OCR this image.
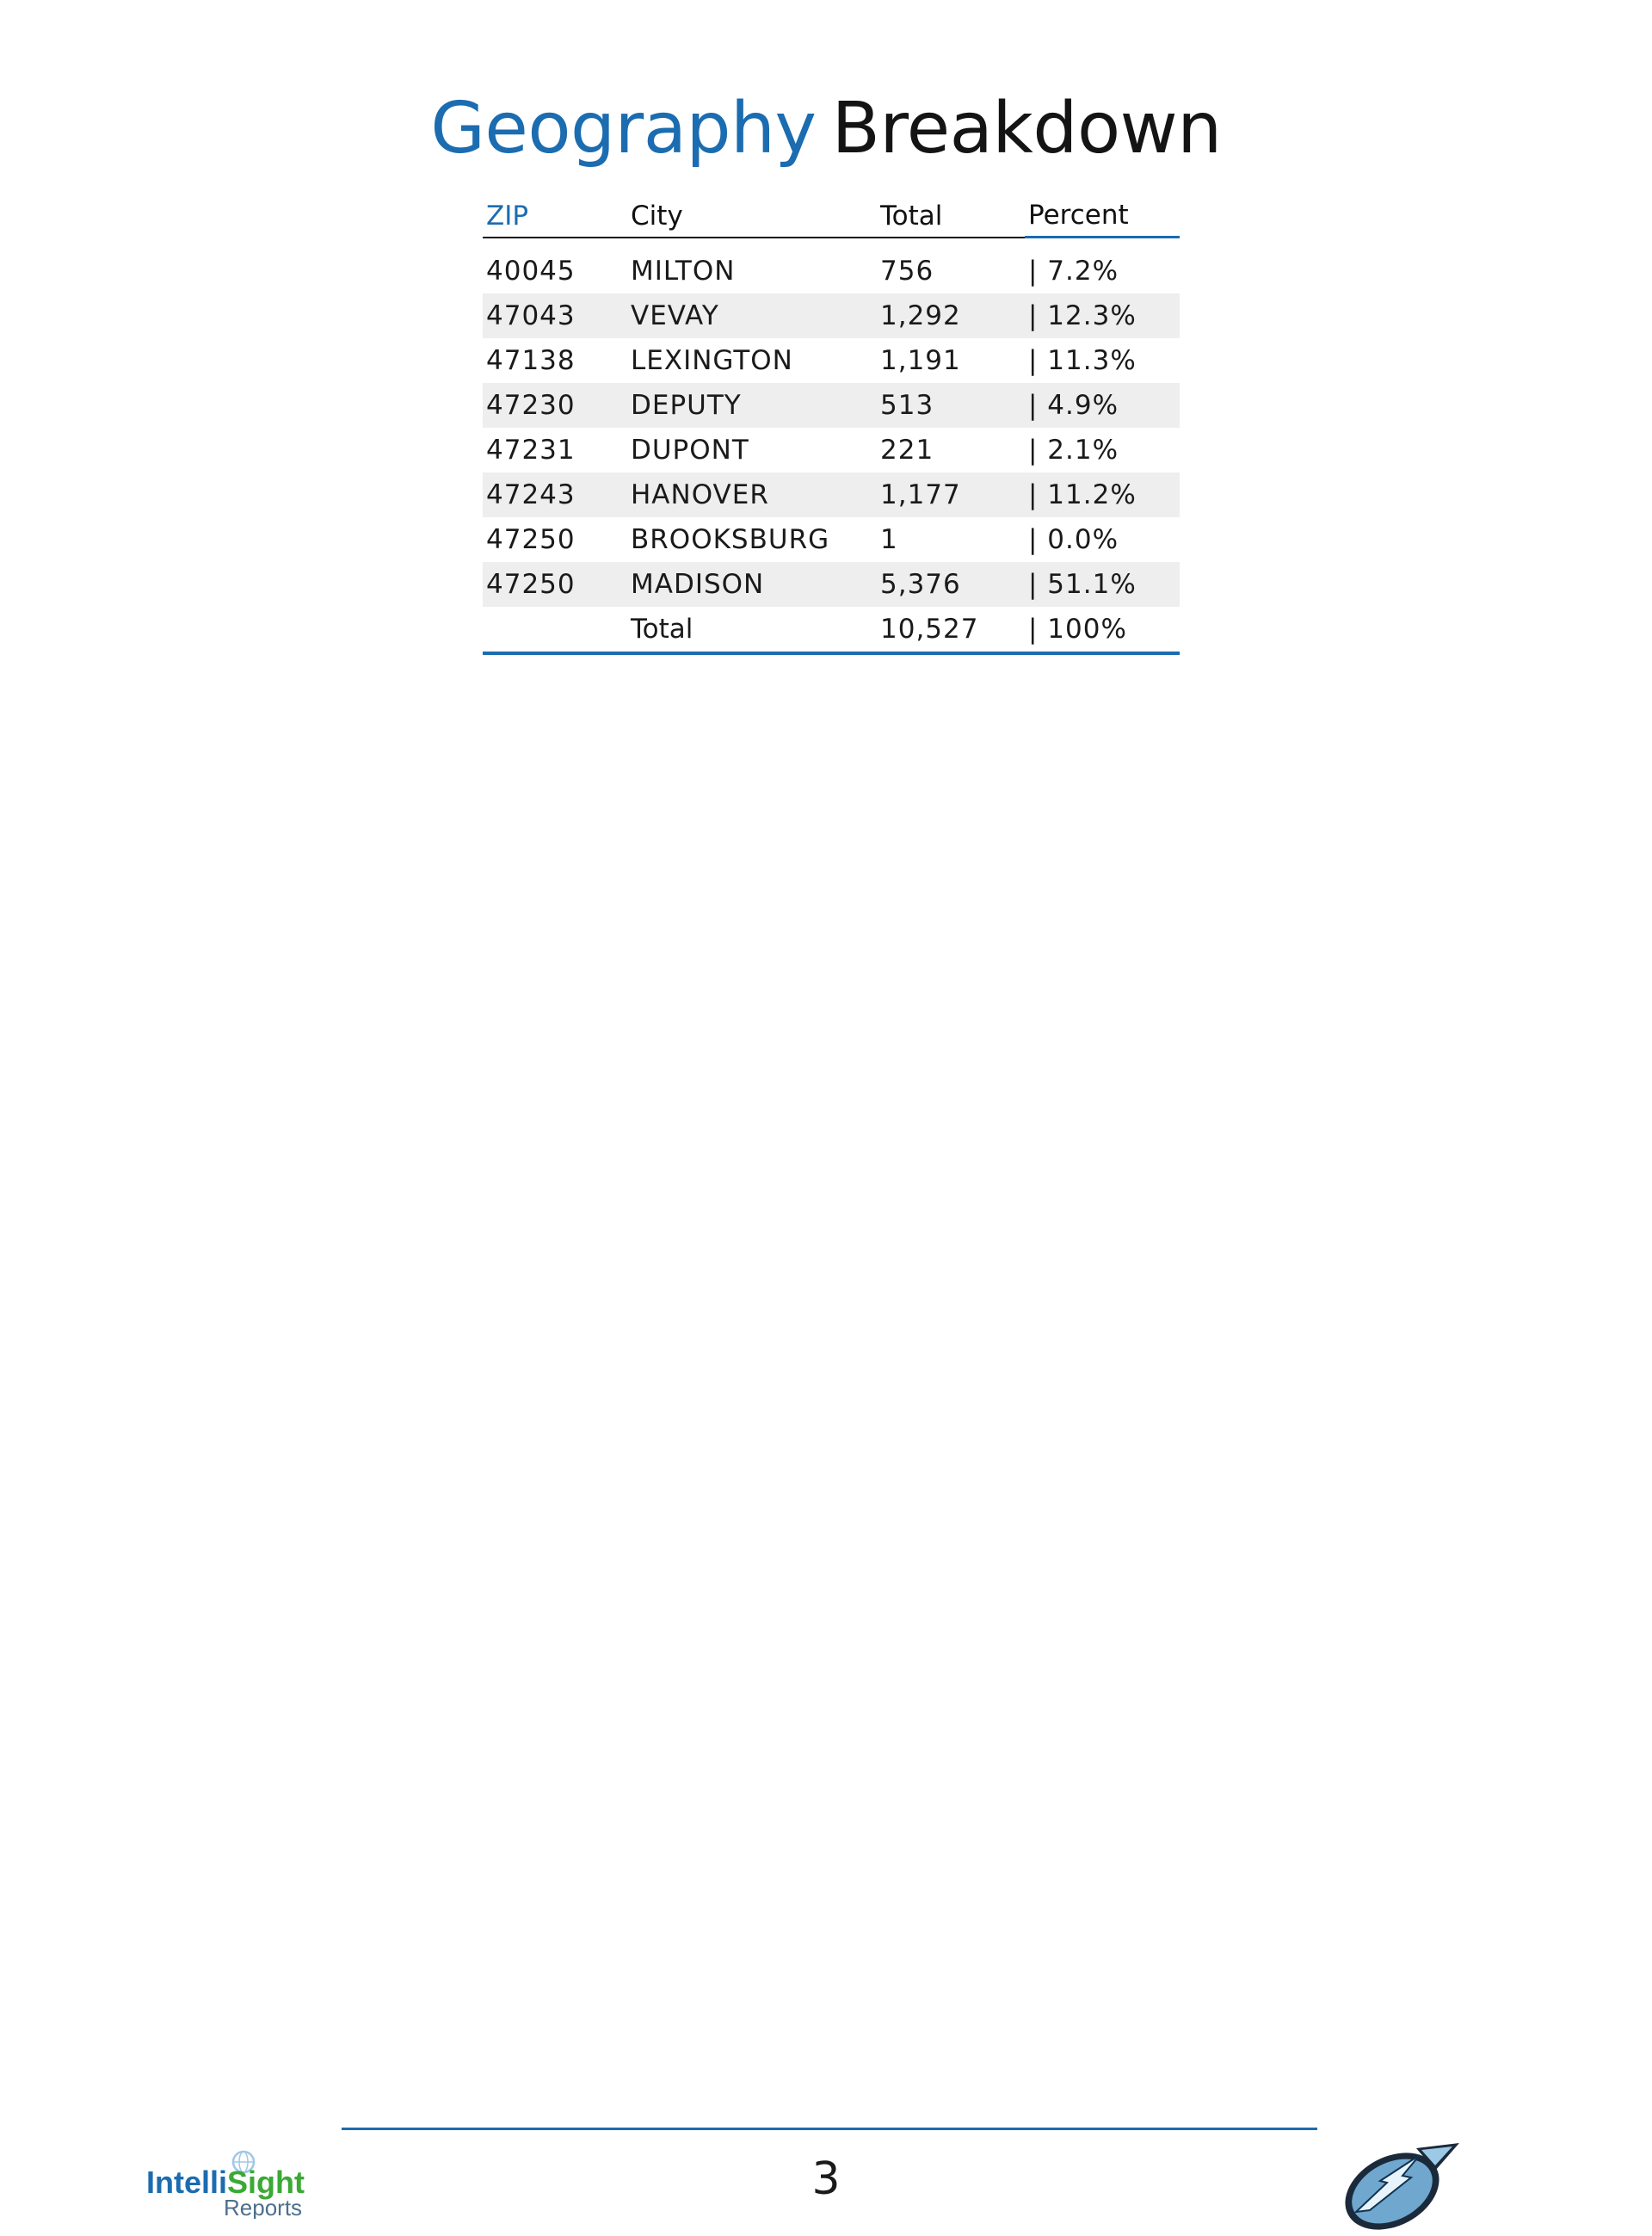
Geography Breakdown
ZIP	City	Total	Percent

40045	MILTON	756	| 7.2%
47043	VEVAY	1,292	| 12.3%
47138	LEXINGTON	1,191	| 11.3%
47230	DEPUTY	513	| 4.9%
47231	DUPONT	221	| 2.1%
47243	HANOVER	1,177	| 11.2%
47250	BROOKSBURG	1	| 0.0%
47250	MADISON	5,376	| 51.1%
	Total	10,527	| 100%
3
IntelliSight
Reports
